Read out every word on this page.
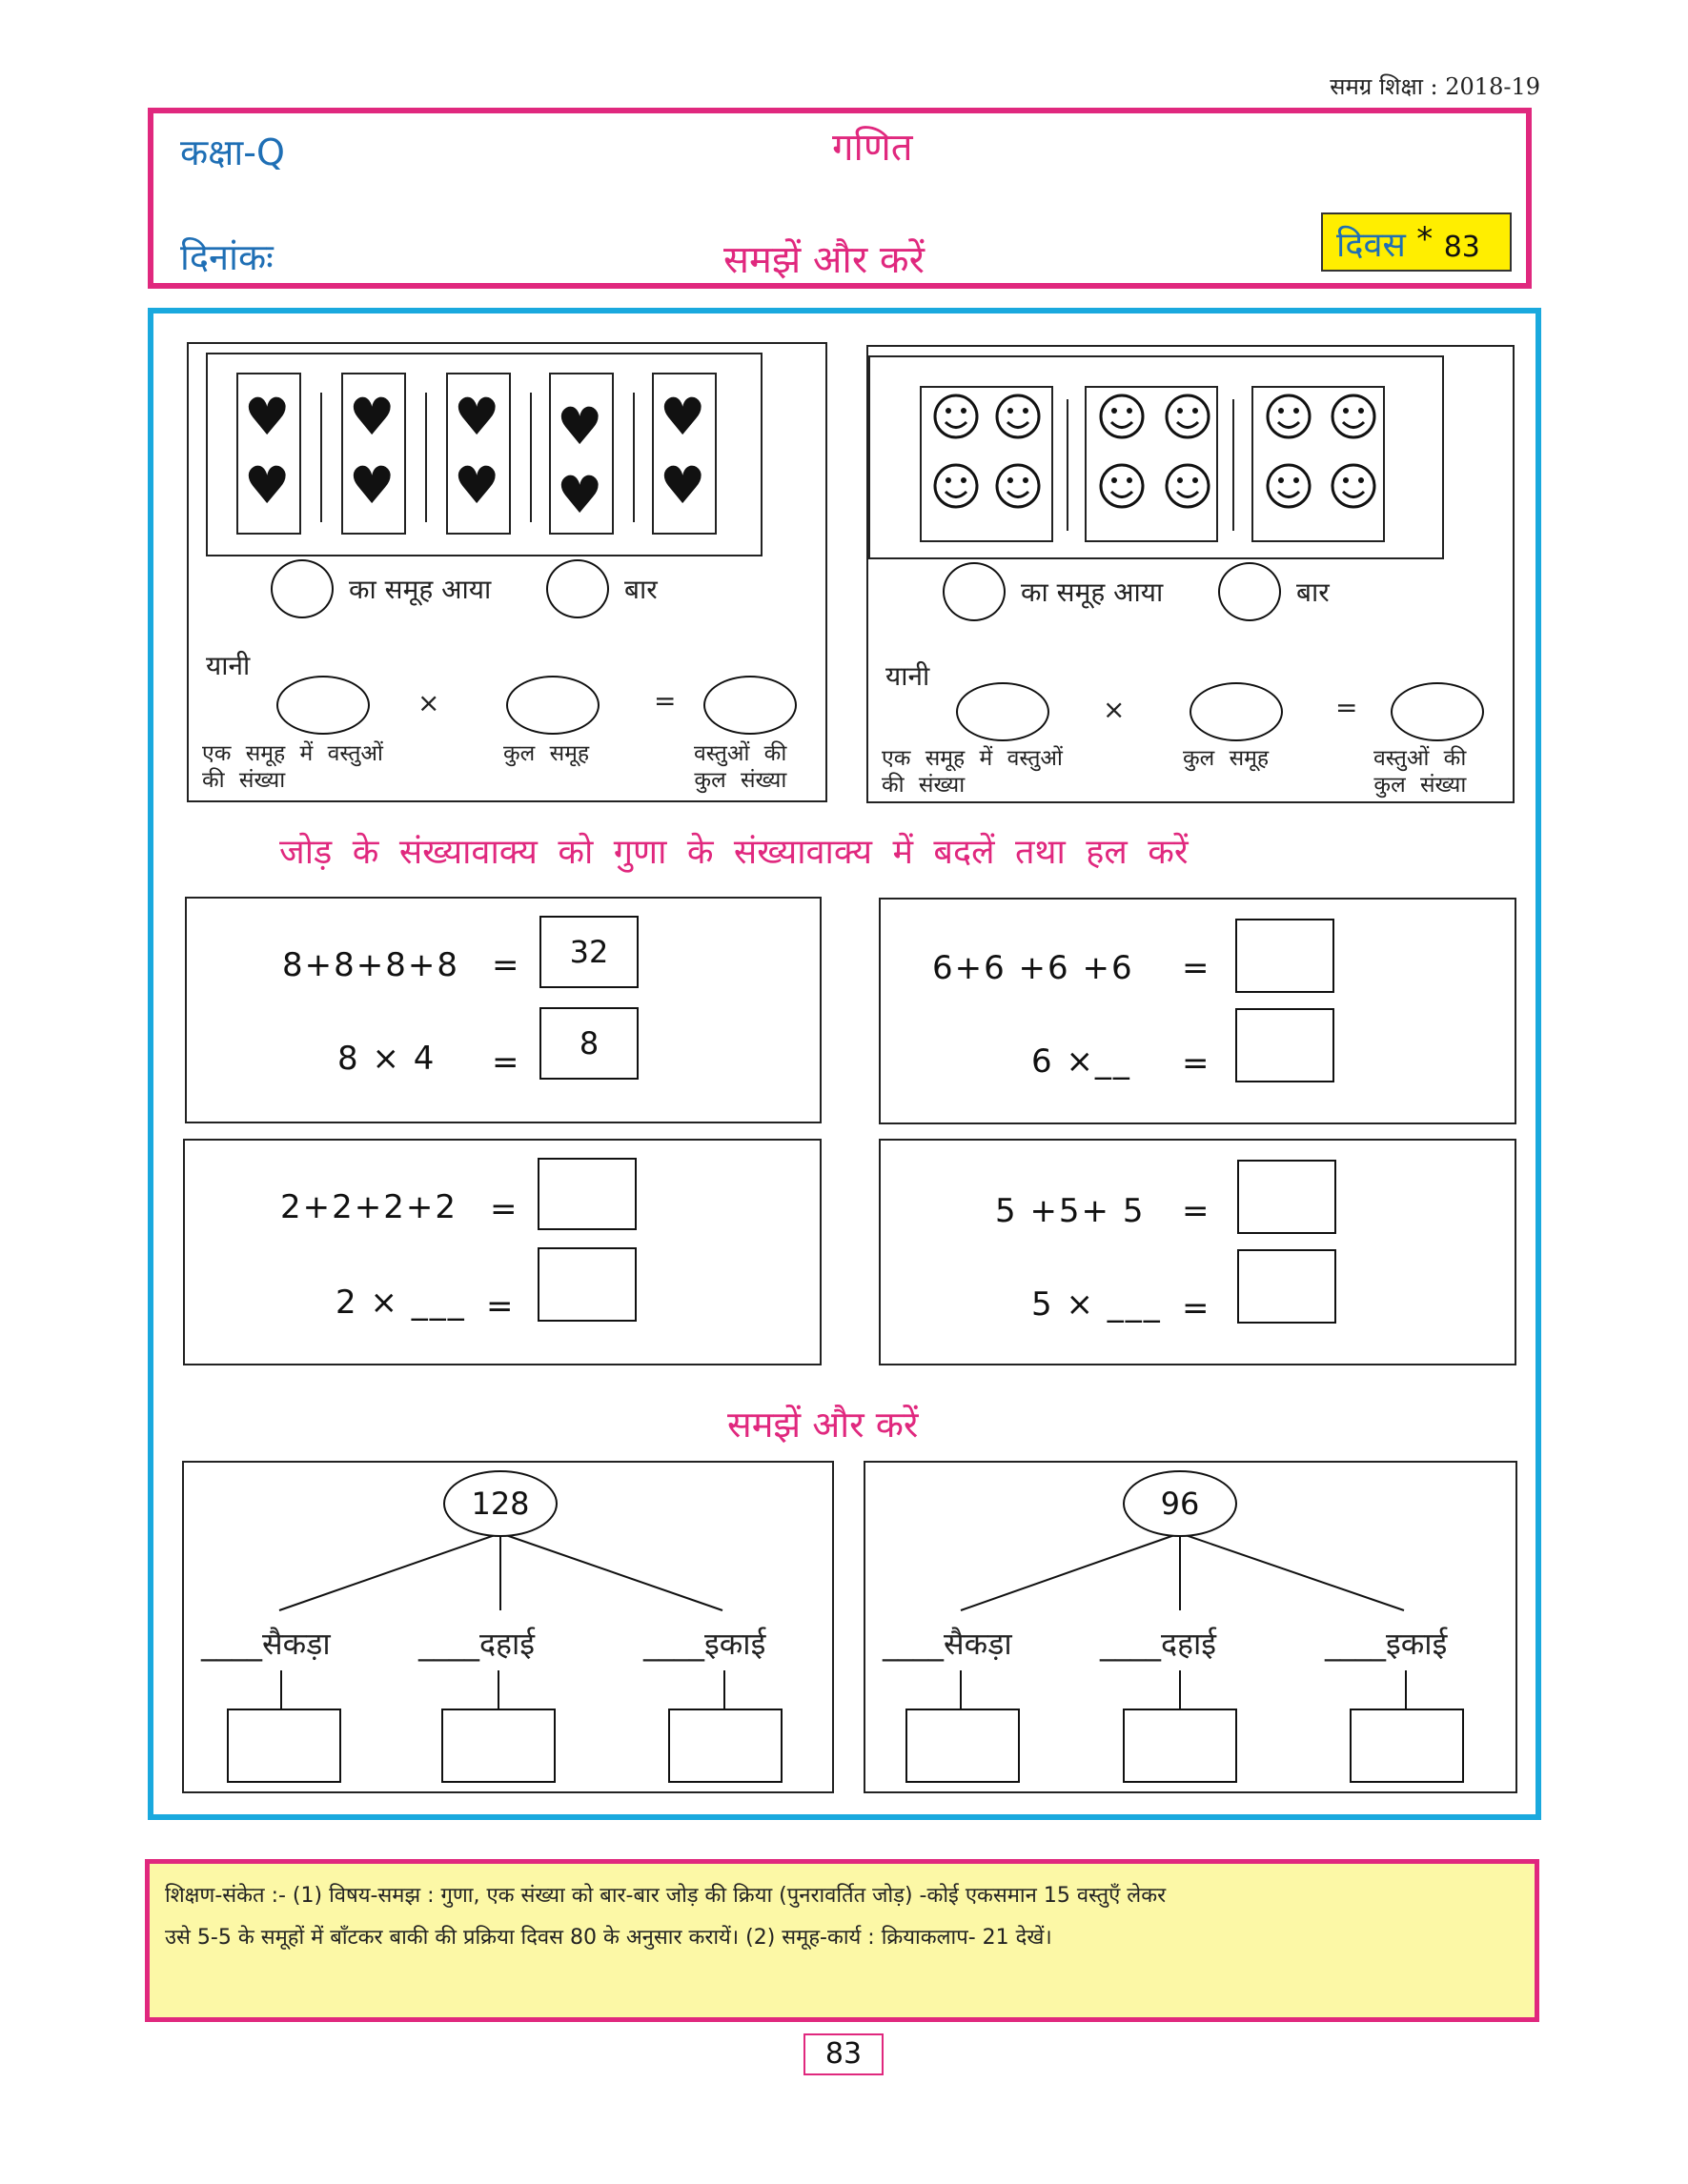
समग्र शिक्षा : 2018-19
कक्षा-Q	गणित
दिनांकः	समझें और करें	दिवस * 83
♥
♥
♥
♥
♥
♥
♥
♥
♥
♥
का समूह आया	बार
यानी
×	=
एक समूह में वस्तुओं
की संख्या
कुल समूह	वस्तुओं की
कुल संख्या
का समूह आया	बार
यानी
×	=
एक समूह में वस्तुओं
की संख्या
कुल समूह	वस्तुओं की
कुल संख्या
8+8+8+8 =	32
8 × 4 =	8
6+6 +6 +6 =
6 ×__ =
2+2+2+2 =
2 × ___ =
5 +5+ 5 =
5 × ___ =
128
____सैकड़ा	____दहाई	____इकाई
96
____सैकड़ा	____दहाई	____इकाई
जोड़ के संख्यावाक्य को गुणा के संख्यावाक्य में बदलें तथा हल करें
समझें और करें
शिक्षण-संकेत :- (1) विषय-समझ : गुणा, एक संख्या को बार-बार जोड़ की क्रिया (पुनरावर्तित जोड़) -कोई एकसमान 15 वस्तुएँ लेकर
उसे 5-5 के समूहों में बाँटकर बाकी की प्रक्रिया दिवस 80 के अनुसार करायें। (2) समूह-कार्य : क्रियाकलाप- 21 देखें।
83
